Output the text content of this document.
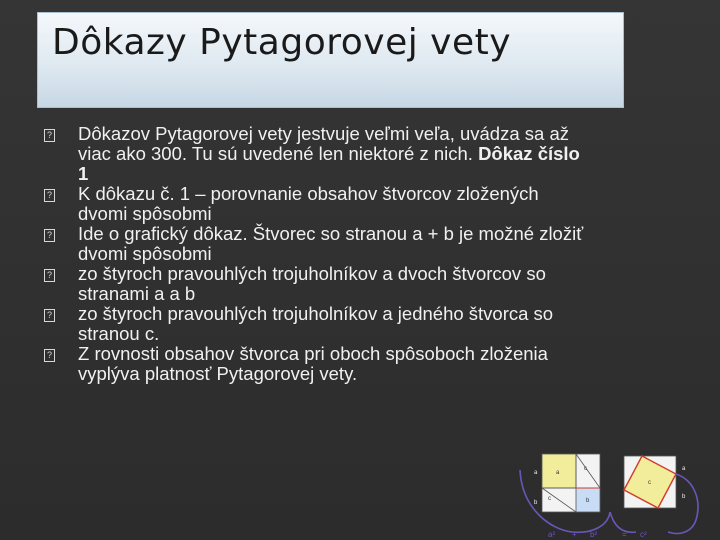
Dôkazy Pytagorovej vety
? Dôkazov Pytagorovej vety jestvuje veľmi veľa, uvádza sa až viac ako 300. Tu sú uvedené len niektoré z nich. Dôkaz číslo 1
? K dôkazu č. 1 – porovnanie obsahov štvorcov zložených dvomi spôsobmi
? Ide o grafický dôkaz. Štvorec so stranou a + b je možné zložiť dvomi spôsobmi
? zo štyroch pravouhlých trojuholníkov a dvoch štvorcov so stranami a a b
? zo štyroch pravouhlých trojuholníkov a jedného štvorca so stranou c.
? Z rovnosti obsahov štvorca pri oboch spôsoboch zloženia vyplýva platnosť Pytagorovej vety.
a
b
c
a
b
c
a
b
c
a² + b²	= c²
